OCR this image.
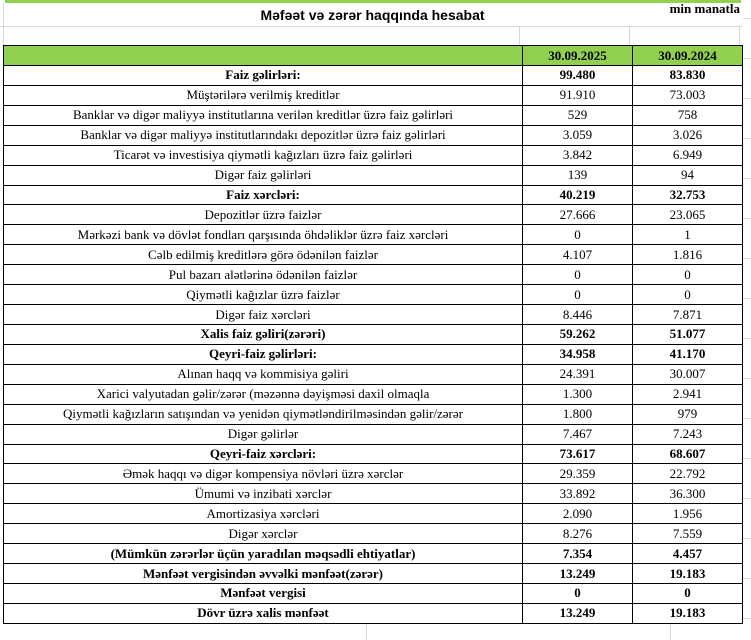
Məfəət və zərər haqqında hesabat	min manatla
	30.09.2025	30.09.2024
Faiz gəlirləri:	99.480	83.830
Müştərilərə verilmiş kreditlər	91.910	73.003
Banklar və digər maliyyə institutlarına verilən kreditlər üzrə faiz gəlirləri	529	758
Banklar və digər maliyyə institutlarındakı depozitlər üzrə faiz gəlirləri	3.059	3.026
Ticarət və investisiya qiymətli kağızları üzrə faiz gəlirləri	3.842	6.949
Digər faiz gəlirləri	139	94
Faiz xərcləri:	40.219	32.753
Depozitlər üzrə faizlər	27.666	23.065
Mərkəzi bank və dövlət fondları qarşısında öhdəliklər üzrə faiz xərcləri	0	1
Cəlb edilmiş kreditlərə görə ödənilən faizlər	4.107	1.816
Pul bazarı alətlərinə ödənilən faizlər	0	0
Qiymətli kağızlar üzrə faizlər	0	0
Digər faiz xərcləri	8.446	7.871
Xalis faiz gəliri(zərəri)	59.262	51.077
Qeyri-faiz gəlirləri:	34.958	41.170
Alınan haqq və kommisiya gəliri	24.391	30.007
Xarici valyutadan gəlir/zərər (məzənnə dəyişməsi daxil olmaqla	1.300	2.941
Qiymətli kağızların satışından və yenidən qiymətləndirilməsindən gəlir/zərər	1.800	979
Digər gəlirlər	7.467	7.243
Qeyri-faiz xərcləri:	73.617	68.607
Əmək haqqı və digər kompensiya növləri üzrə xərclər	29.359	22.792
Ümumi və inzibati xərclər	33.892	36.300
Amortizasiya xərcləri	2.090	1.956
Digər xərclər	8.276	7.559
(Mümkün zərərlər üçün yaradılan məqsədli ehtiyatlar)	7.354	4.457
Mənfəət vergisindən əvvəlki mənfəət(zərər)	13.249	19.183
Mənfəət vergisi	0	0
Dövr üzrə xalis mənfəət	13.249	19.183
